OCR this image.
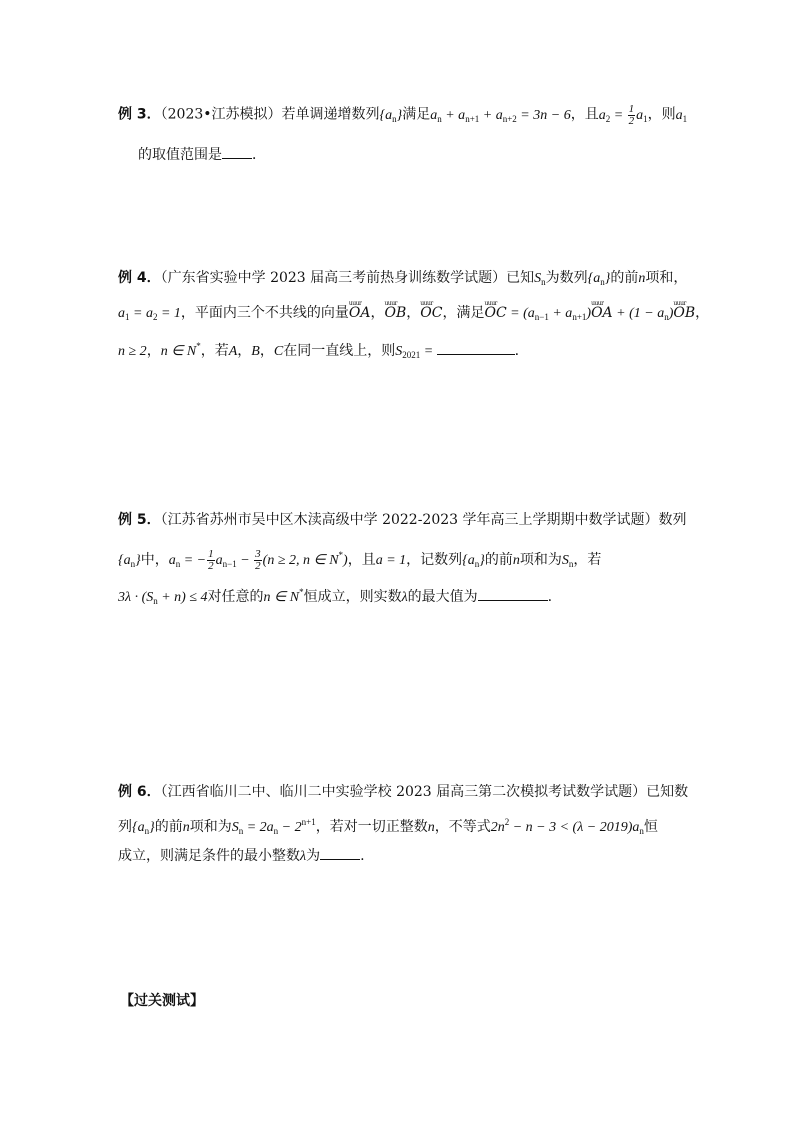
例 3．（2023•江苏模拟）若单调递增数列$\{a_n\}$满足$a_n + a_{n+1} + a_{n+2} = 3n - 6$，且$a_2 = \frac{1}{2} a_1$，则$a_1$
的取值范围是 ．
例 4．（广东省实验中学 2023 届高三考前热身训练数学试题）已知$S_n$为数列$\{a_n\}$的前n项和，
$a_1 = a_2 = 1$，平面内三个不共线的向量uuur OA，uuur OB，uuur OC，满足uuur OC = ($a_{n-1}$ + $a_{n+1})uuur$ OA + $(1 - a_n)uuur$ OB，
n ≥ 2，n ∈ N*，若A，B，C在同一直线上，则$S_{2021}$ =	.
例 5．（江苏省苏州市吴中区木渎高级中学 2022-2023 学年高三上学期期中数学试题）数列
$\{a_n\}$中，$a_n$ = − $\frac{1}{2} a_{n-1} - \frac{3}{2} (n \ge 2$, n ∈ N*)，且a = 1，记数列$\{a_n\}$的前n项和为$S_n$，若
$3\lambda \cdot (S_n + n) \le 4$对任意的n ∈ N*恒成立，则实数λ的最大值为	.
例 6．（江西省临川二中、临川二中实验学校 2023 届高三第二次模拟考试数学试题）已知数
列$\{a_n\}$的前n项和为$S_n = 2a_n - 2^{n+1}$，若对一切正整数n，不等式$2n^2 - n - 3 < (\lambda - 2019)a_n$恒
成立，则满足条件的最小整数λ为	.
【过关测试】
